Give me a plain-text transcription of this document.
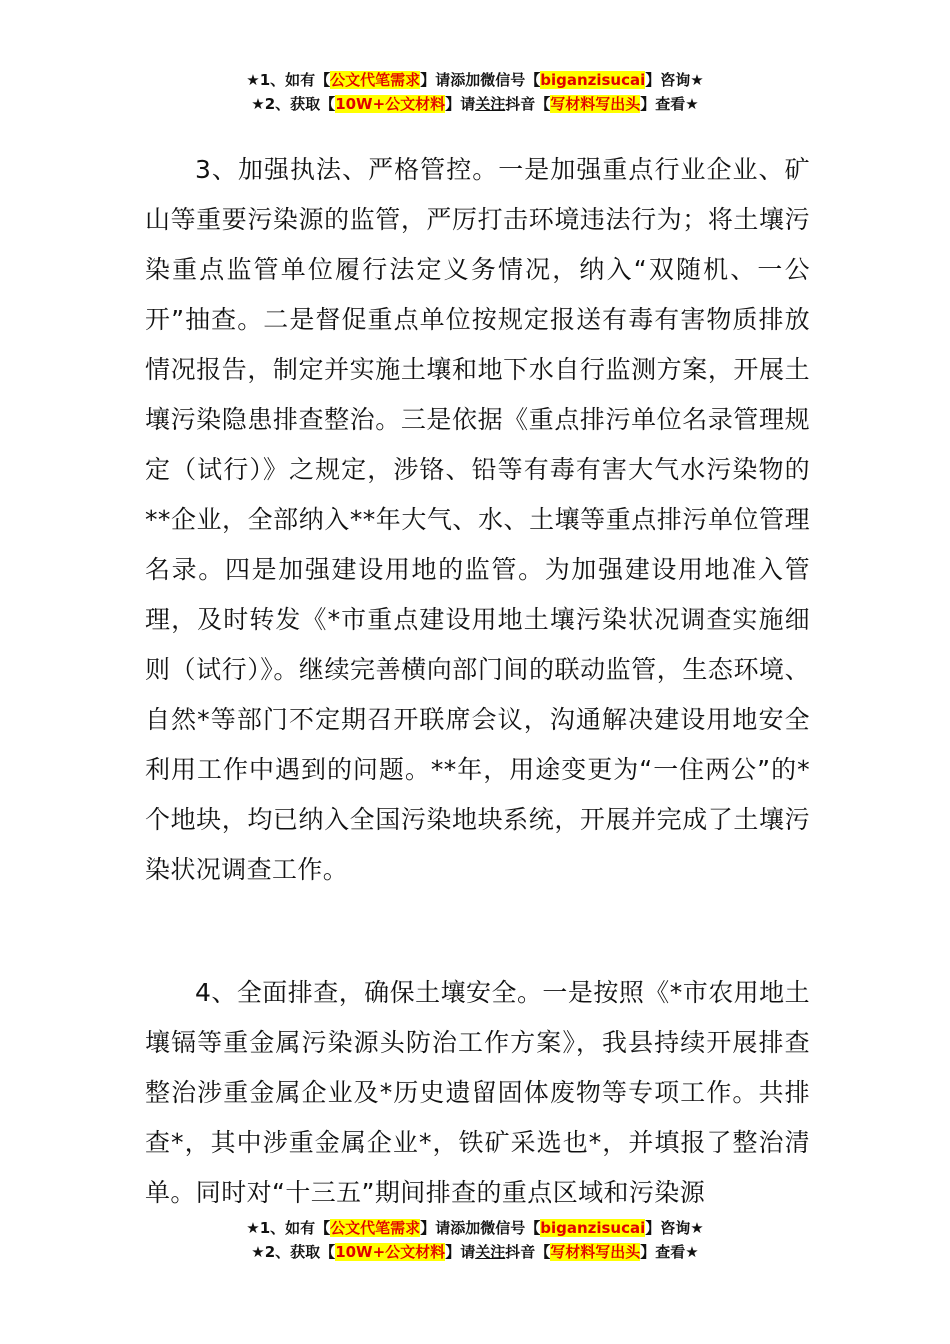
★1、如有【公文代笔需求】请添加微信号【biganzisucai】咨询★
★2、获取【10W+公文材料】请关注抖音【写材料写出头】查看★

3、加强执法、严格管控。一是加强重点行业企业、矿山等重要污染源的监管，严厉打击环境违法行为；将土壤污染重点监管单位履行法定义务情况，纳入“双随机、一公开”抽查。二是督促重点单位按规定报送有毒有害物质排放情况报告，制定并实施土壤和地下水自行监测方案，开展土壤污染隐患排查整治。三是依据《重点排污单位名录管理规定（试行）》之规定，涉铬、铅等有毒有害大气水污染物的**企业，全部纳入**年大气、水、土壤等重点排污单位管理名录。四是加强建设用地的监管。为加强建设用地准入管理，及时转发《*市重点建设用地土壤污染状况调查实施细则（试行）》。继续完善横向部门间的联动监管，生态环境、自然*等部门不定期召开联席会议，沟通解决建设用地安全利用工作中遇到的问题。**年，用途变更为“一住两公”的*个地块，均已纳入全国污染地块系统，开展并完成了土壤污染状况调查工作。

4、全面排查，确保土壤安全。一是按照《*市农用地土壤镉等重金属污染源头防治工作方案》，我县持续开展排查整治涉重金属企业及*历史遗留固体废物等专项工作。共排查*，其中涉重金属企业*，铁矿采选也*，并填报了整治清单。同时对“十三五”期间排查的重点区域和污染源

★1、如有【公文代笔需求】请添加微信号【biganzisucai】咨询★
★2、获取【10W+公文材料】请关注抖音【写材料写出头】查看★
